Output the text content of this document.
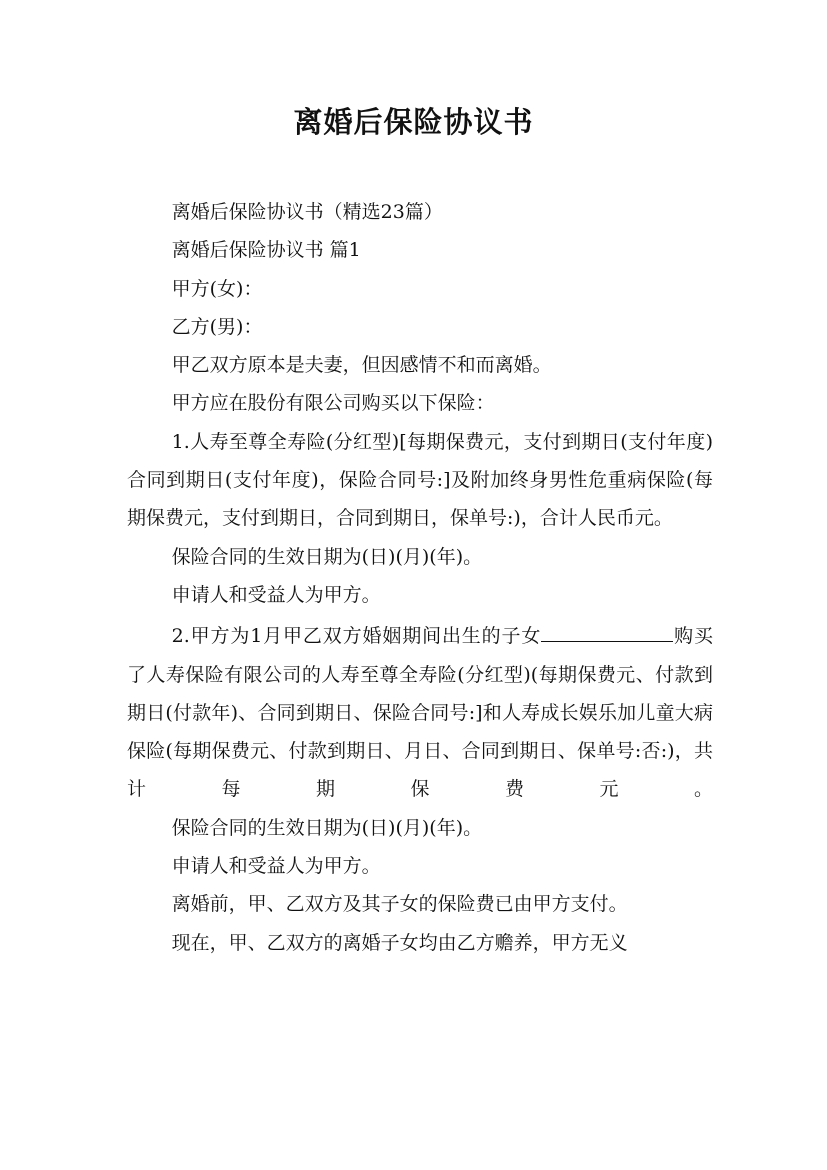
离婚后保险协议书

离婚后保险协议书（精选23篇）

离婚后保险协议书 篇1

甲方(女)：

乙方(男)：

甲乙双方原本是夫妻，但因感情不和而离婚。

甲方应在股份有限公司购买以下保险：

1.人寿至尊全寿险(分红型)[每期保费元，支付到期日(支付年度)合同到期日(支付年度)，保险合同号:]及附加终身男性危重病保险(每期保费元，支付到期日，合同到期日，保单号:)，合计人民币元。

保险合同的生效日期为(日)(月)(年)。

申请人和受益人为甲方。

2.甲方为1月甲乙双方婚姻期间出生的子女	购买了人寿保险有限公司的人寿至尊全寿险(分红型)(每期保费元、付款到期日(付款年)、合同到期日、保险合同号:]和人寿成长娱乐加儿童大病保险(每期保费元、付款到期日、月日、合同到期日、保单号:否:)，共计每期保费元。

保险合同的生效日期为(日)(月)(年)。

申请人和受益人为甲方。

离婚前，甲、乙双方及其子女的保险费已由甲方支付。

现在，甲、乙双方的离婚子女均由乙方赡养，甲方无义
